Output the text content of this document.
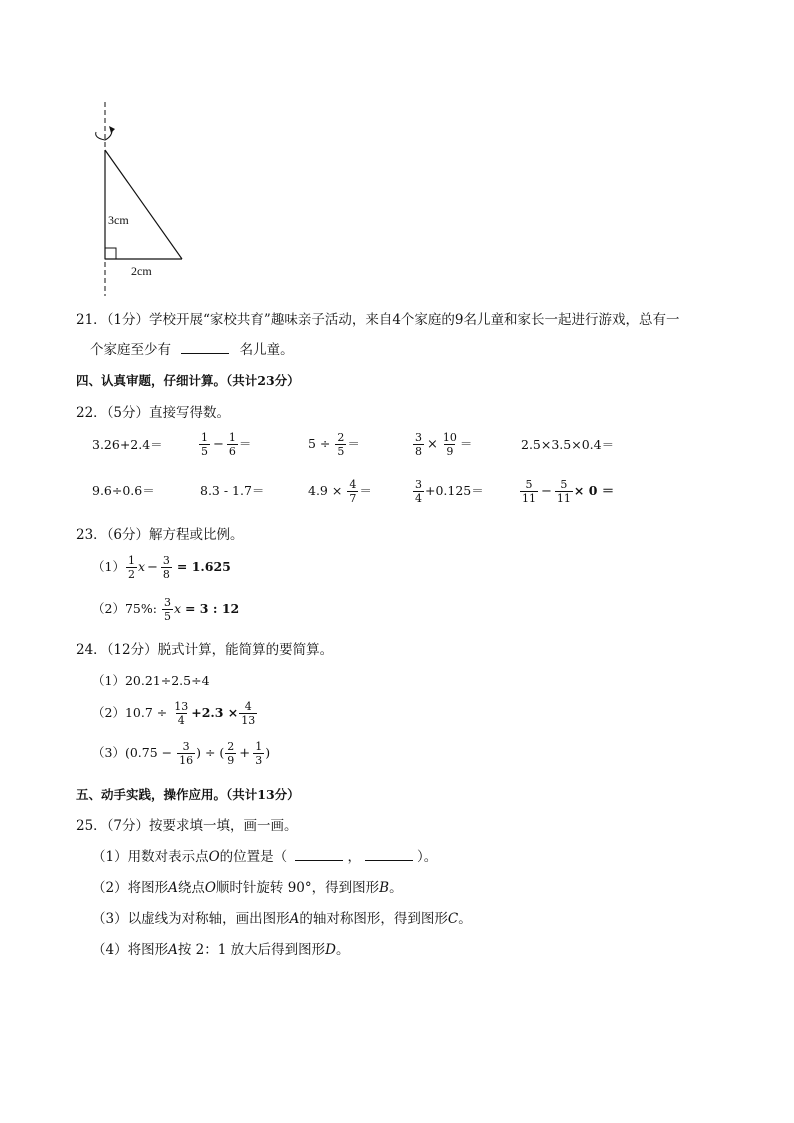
3cm
2cm
21．（1分）学校开展“家校共育”趣味亲子活动，来自4个家庭的9名儿童和家长一起进行游戏，总有一
个家庭至少有	名儿童。
四、认真审题，仔细计算。（共计23分）
22．（5分）直接写得数。
3.26+2.4＝	$\frac{1}{5} - \frac{1}{6}$ ＝	$5 \div \frac{2}{5}$ ＝	$\frac{3}{8} \times \frac{10}{9}$ ＝	2.5×3.5×0.4＝
9.6÷0.6＝	8.3 - 1.7＝	$4.9 \times \frac{4}{7}$ ＝	$\frac{3}{4} +0.125=$	$\frac{5}{11} - \frac{5}{11} \times 0$ ＝
23．（6分）解方程或比例。
$(1) \frac{1}{2}$ $x - \frac{3}{8} = 1.625$
（2）75%: $\frac{3}{5}$ x = 3 : 12
24．（12分）脱式计算，能简算的要简算。
（1）20.21÷2.5÷4
$(2)10.7 \div \frac{13}{4} +2.3 \times \frac{4}{13}$
$(3)(0.75 - \frac{3}{16}$ ) ÷ ( $\frac{2}{9} + \frac{1}{3}$ )
五、动手实践，操作应用。（共计13分）
25．（7分）按要求填一填，画一画。
（1）用数对表示点O的位置是（	，	）。
（2）将图形A绕点O顺时针旋转 90°，得到图形B。
（3）以虚线为对称轴，画出图形A的轴对称图形，得到图形C。
（4）将图形A按 2：1 放大后得到图形D。
